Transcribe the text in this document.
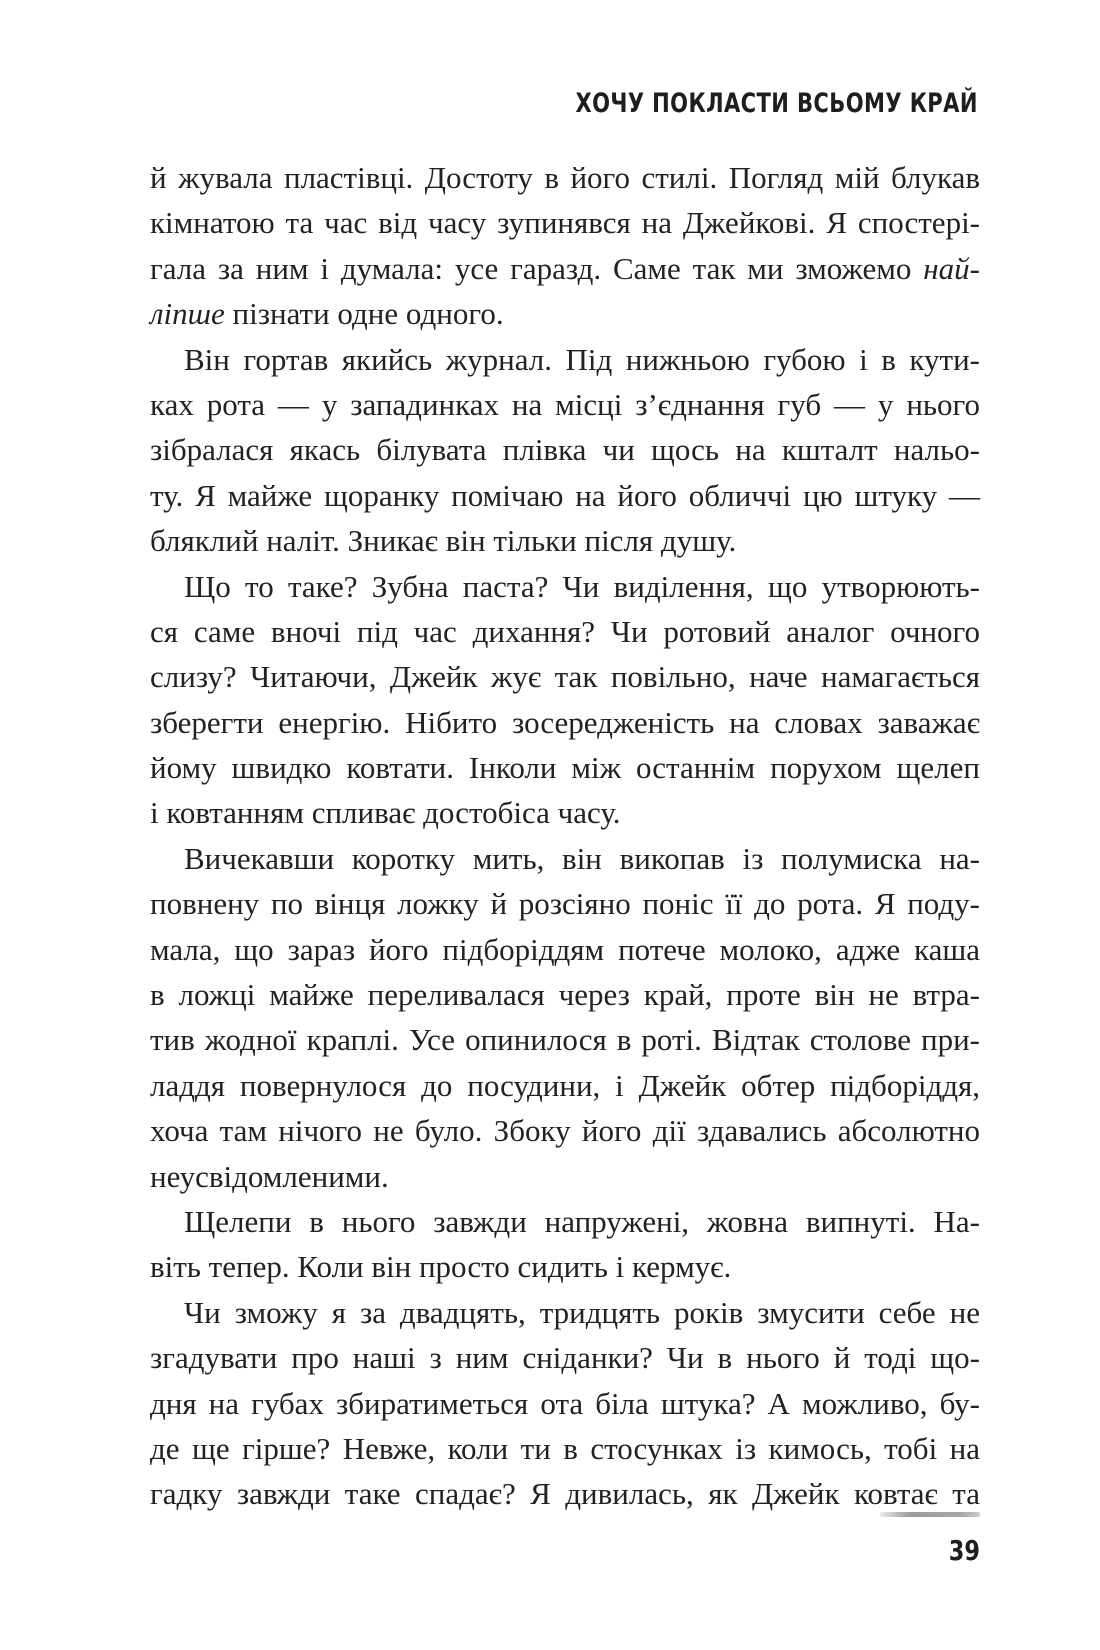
ХОЧУ ПОКЛАСТИ ВСЬОМУ КРАЙ
й жувала пластівці. Достоту в його стилі. Погляд мій блукав
кімнатою та час від часу зупинявся на Джейкові. Я спостері-
гала за ним і думала: усе гаразд. Саме так ми зможемо най-
ліпше пізнати одне одного.
Він гортав якийсь журнал. Під нижньою губою і в кути-
ках рота — у западинках на місці з’єднання губ — у нього
зібралася якась білувата плівка чи щось на кшталт нальо-
ту. Я майже щоранку помічаю на його обличчі цю штуку —
бляклий наліт. Зникає він тільки після душу.
Що то таке? Зубна паста? Чи виділення, що утворюють-
ся саме вночі під час дихання? Чи ротовий аналог очного
слизу? Читаючи, Джейк жує так повільно, наче намагається
зберегти енергію. Нібито зосередженість на словах заважає
йому швидко ковтати. Інколи між останнім порухом щелеп
і ковтанням спливає достобіса часу.
Вичекавши коротку мить, він викопав із полумиска на-
повнену по вінця ложку й розсіяно поніс її до рота. Я поду-
мала, що зараз його підборіддям потече молоко, адже каша
в ложці майже переливалася через край, проте він не втра-
тив жодної краплі. Усе опинилося в роті. Відтак столове при-
ладдя повернулося до посудини, і Джейк обтер підборіддя,
хоча там нічого не було. Збоку його дії здавались абсолютно
неусвідомленими.
Щелепи в нього завжди напружені, жовна випнуті. На-
віть тепер. Коли він просто сидить і кермує.
Чи зможу я за двадцять, тридцять років змусити себе не
згадувати про наші з ним сніданки? Чи в нього й тоді що-
дня на губах збиратиметься ота біла штука? А можливо, бу-
де ще гірше? Невже, коли ти в стосунках із кимось, тобі на
гадку завжди таке спадає? Я дивилась, як Джейк ковтає та
39
